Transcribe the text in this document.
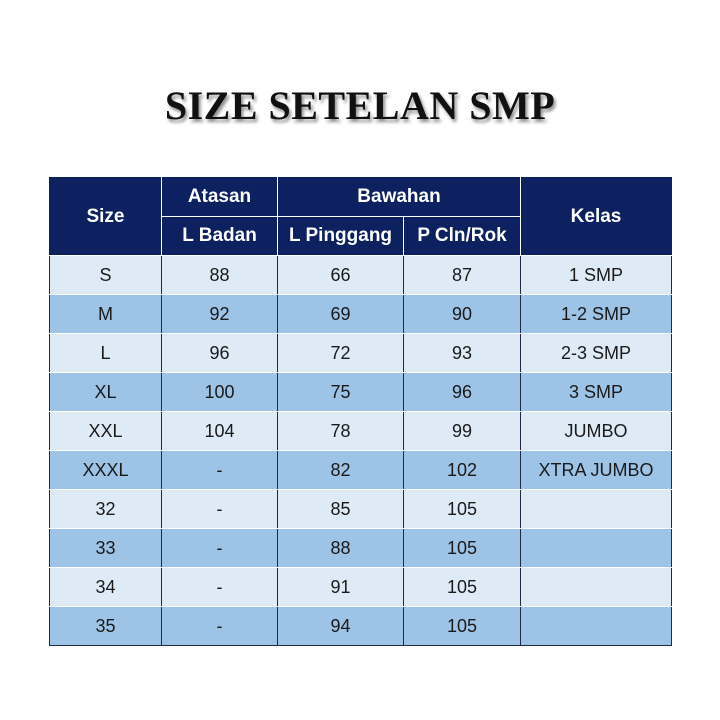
SIZE SETELAN SMP
Size	Atasan	Bawahan		Kelas
	L Badan	L Pinggang	P Cln/Rok	
S	88	66	87	1 SMP
M	92	69	90	1-2 SMP
L	96	72	93	2-3 SMP
XL	100	75	96	3 SMP
XXL	104	78	99	JUMBO
XXXL	-	82	102	XTRA JUMBO
32	-	85	105	
33	-	88	105	
34	-	91	105	
35	-	94	105	
